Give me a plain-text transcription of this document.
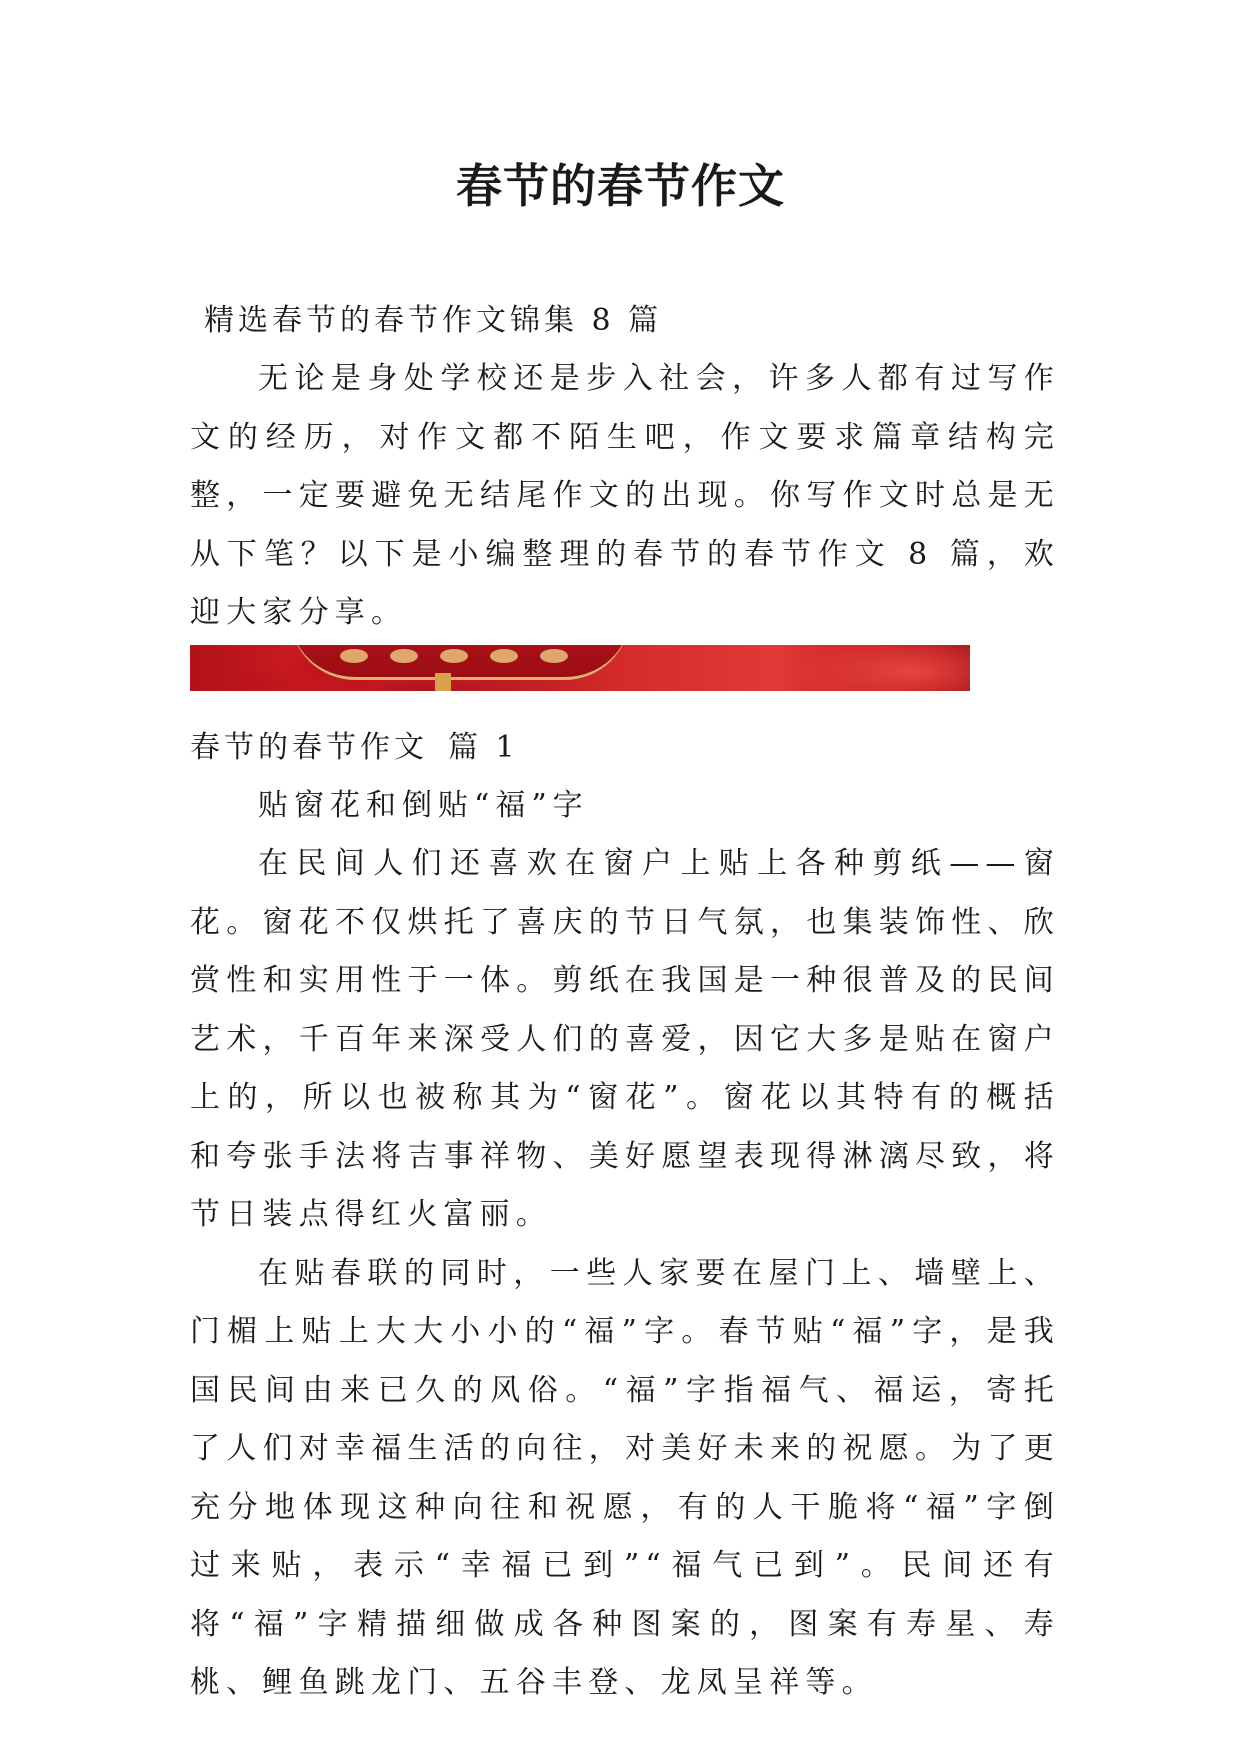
春节的春节作文

精选春节的春节作文锦集 8 篇

无论是身处学校还是步入社会，许多人都有过写作文的经历，对作文都不陌生吧，作文要求篇章结构完整，一定要避免无结尾作文的出现。你写作文时总是无从下笔？以下是小编整理的春节的春节作文 8 篇，欢迎大家分享。

春节的春节作文 篇 1

贴窗花和倒贴“福”字

在民间人们还喜欢在窗户上贴上各种剪纸——窗花。窗花不仅烘托了喜庆的节日气氛，也集装饰性、欣赏性和实用性于一体。剪纸在我国是一种很普及的民间艺术，千百年来深受人们的喜爱，因它大多是贴在窗户上的，所以也被称其为“窗花”。窗花以其特有的概括和夸张手法将吉事祥物、美好愿望表现得淋漓尽致，将节日装点得红火富丽。

在贴春联的同时，一些人家要在屋门上、墙壁上、门楣上贴上大大小小的“福”字。春节贴“福”字，是我国民间由来已久的风俗。“福”字指福气、福运，寄托了人们对幸福生活的向往，对美好未来的祝愿。为了更充分地体现这种向往和祝愿，有的人干脆将“福”字倒过来贴，表示“幸福已到”“福气已到”。民间还有将“福”字精描细做成各种图案的，图案有寿星、寿桃、鲤鱼跳龙门、五谷丰登、龙凤呈祥等。
